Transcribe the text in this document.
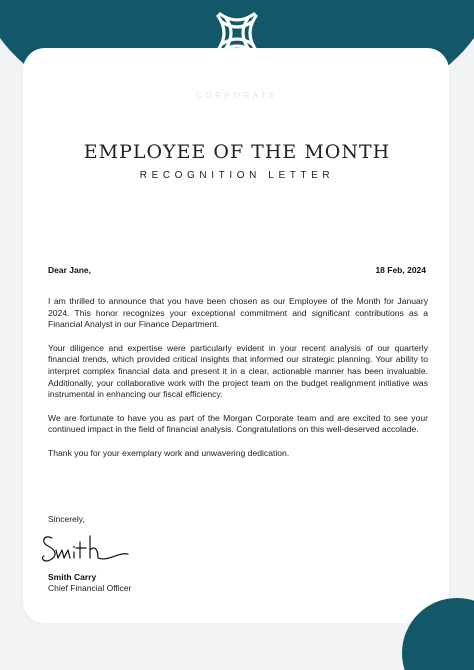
MORGAN
CORPORATE
EMPLOYEE OF THE MONTH
RECOGNITION LETTER
Dear Jane,	18 Feb, 2024

I am thrilled to announce that you have been chosen as our Employee of the Month for January 2024. This honor recognizes your exceptional commitment and significant contributions as a Financial Analyst in our Finance Department.

Your diligence and expertise were particularly evident in your recent analysis of our quarterly financial trends, which provided critical insights that informed our strategic planning. Your ability to interpret complex financial data and present it in a clear, actionable manner has been invaluable. Additionally, your collaborative work with the project team on the budget realignment initiative was instrumental in enhancing our fiscal efficiency.

We are fortunate to have you as part of the Morgan Corporate team and are excited to see your continued impact in the field of financial analysis. Congratulations on this well-deserved accolade.

Thank you for your exemplary work and unwavering dedication.

Sincerely,
Smith Carry
Chief Financial Officer
